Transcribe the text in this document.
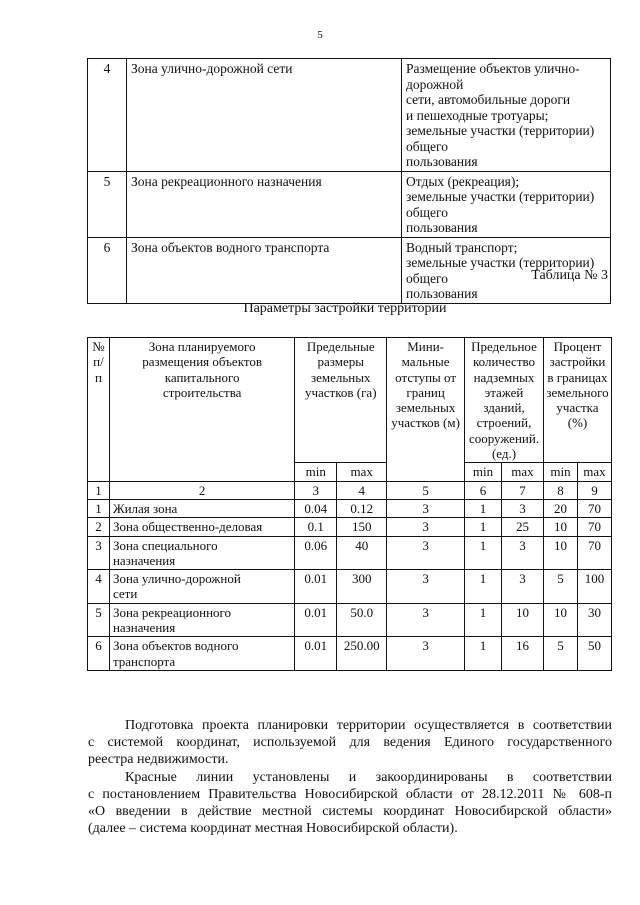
5
4	Зона улично-дорожной сети	Размещение объектов улично-дорожной
сети, автомобильные дороги
и пешеходные тротуары;
земельные участки (территории) общего
пользования

5	Зона рекреационного назначения	Отдых (рекреация);
земельные участки (территории) общего
пользования

6	Зона объектов водного транспорта	Водный транспорт;
земельные участки (территории) общего
пользования
Таблица № 3
Параметры застройки территории
№ п/п	Зона планируемого размещения объектов капитального строительства	Предельные размеры земельных участков (га)		Мини-мальные отступы от границ земельных участков (м)	Предельное количество надземных этажей зданий, строений, сооружений. (ед.)		Процент застройки в границах земельного участка (%)	
		min	max		min	max	min	max
1	2	3	4	5	6	7	8	9
1	Жилая зона	0.04	0.12	3	1	3	20	70
2	Зона общественно-деловая	0.1	150	3	1	25	10	70
3	Зона специального назначения	0.06	40	3	1	3	10	70
4	Зона улично-дорожной сети	0.01	300	3	1	3	5	100
5	Зона рекреационного назначения	0.01	50.0	3	1	10	10	30
6	Зона объектов водного транспорта	0.01	250.00	3	1	16	5	50
Подготовка проекта планировки территории осуществляется в соответствии
с системой координат, используемой для ведения Единого государственного
реестра недвижимости.
Красные линии установлены и закоординированы в соответствии
с постановлением Правительства Новосибирской области от 28.12.2011 № 608-п
«О введении в действие местной системы координат Новосибирской области»
(далее – система координат местная Новосибирской области).
